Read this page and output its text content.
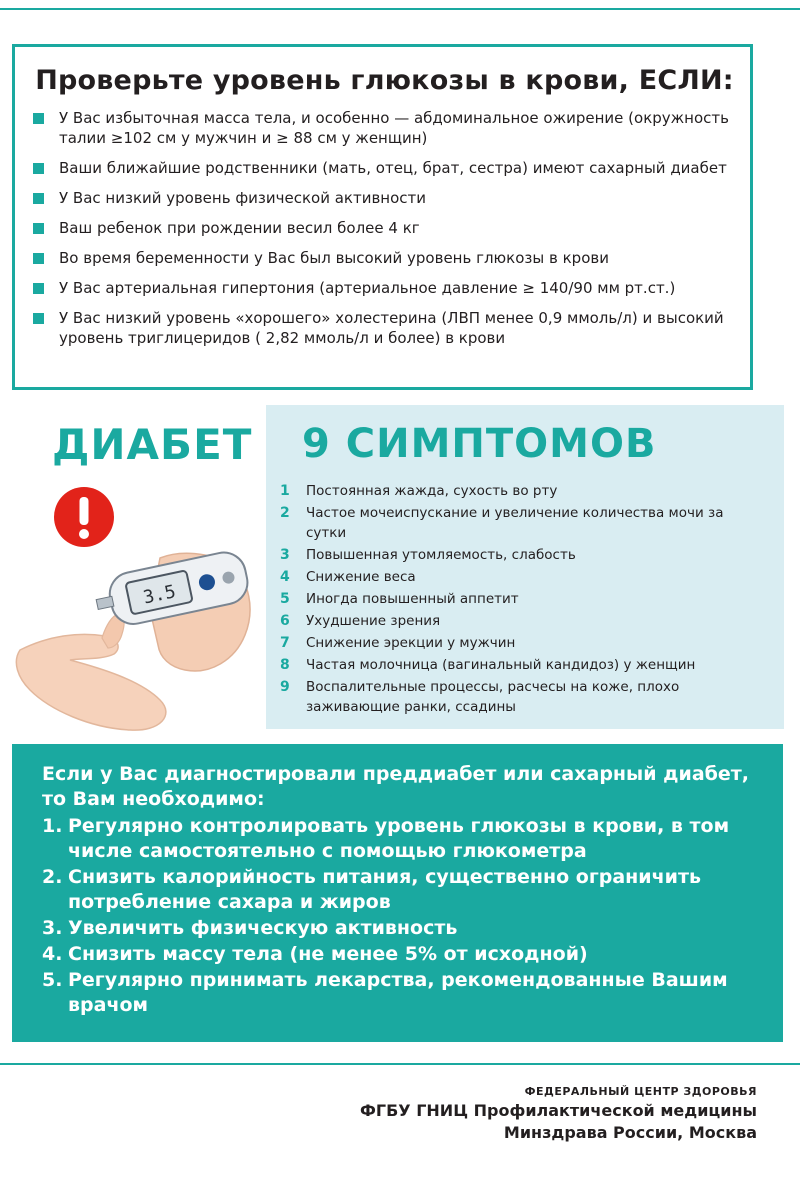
Проверьте уровень глюкозы в крови, ЕСЛИ:
У Вас избыточная масса тела, и особенно — абдоминальное ожирение (окружность талии ≥102 см у мужчин и ≥ 88 см у женщин)
Ваши ближайшие родственники (мать, отец, брат, сестра) имеют сахарный диабет
У Вас низкий уровень физической активности
Ваш ребенок при рождении весил более 4 кг
Во время беременности у Вас был высокий уровень глюкозы в крови
У Вас артериальная гипертония (артериальное давление ≥ 140/90 мм рт.ст.)
У Вас низкий уровень «хорошего» холестерина (ЛВП менее 0,9 ммоль/л) и высокий уровень триглицеридов ( 2,82 ммоль/л и более) в крови
ДИАБЕТ
3.5
9 СИМПТОМОВ
1 Постоянная жажда, сухость во рту
2 Частое мочеиспускание и увеличение количества мочи за сутки
3 Повышенная утомляемость, слабость
4 Снижение веса
5 Иногда повышенный аппетит
6 Ухудшение зрения
7 Снижение эрекции у мужчин
8 Частая молочница (вагинальный кандидоз) у женщин
9 Воспалительные процессы, расчесы на коже, плохо заживающие ранки, ссадины

Если у Вас диагностировали преддиабет или сахарный диабет, то Вам необходимо:

1. Регулярно контролировать уровень глюкозы в крови, в том числе самостоятельно с помощью глюкометра
2. Снизить калорийность питания, существенно ограничить потребление сахара и жиров
3. Увеличить физическую активность
4. Снизить массу тела (не менее 5% от исходной)
5. Регулярно принимать лекарства, рекомендованные Вашим врачом
ФЕДЕРАЛЬНЫЙ ЦЕНТР ЗДОРОВЬЯ
ФГБУ ГНИЦ Профилактической медицины
Минздрава России, Москва
